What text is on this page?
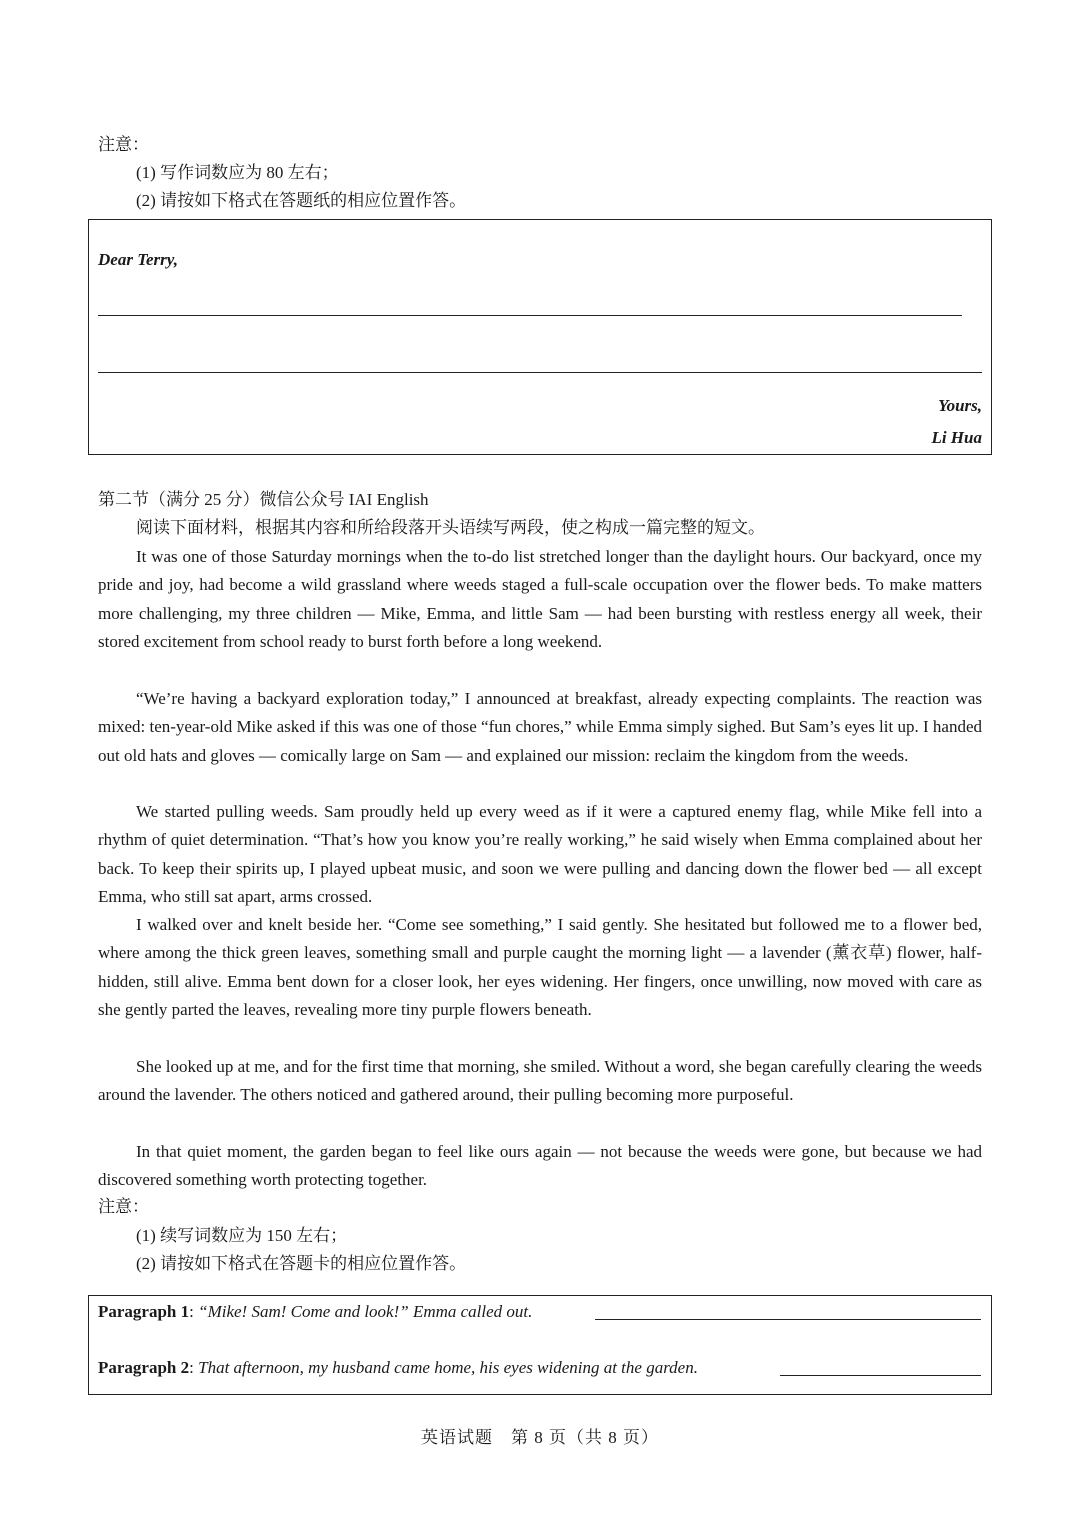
注意：
(1) 写作词数应为 80 左右；
(2) 请按如下格式在答题纸的相应位置作答。
Dear Terry,
Yours,
Li Hua
第二节（满分 25 分）微信公众号 IAI English
阅读下面材料，根据其内容和所给段落开头语续写两段，使之构成一篇完整的短文。

It was one of those Saturday mornings when the to-do list stretched longer than the daylight hours. Our backyard, once my pride and joy, had become a wild grassland where weeds staged a full-scale occupation over the flower beds. To make matters more challenging, my three children — Mike, Emma, and little Sam — had been bursting with restless energy all week, their stored excitement from school ready to burst forth before a long weekend.

“We’re having a backyard exploration today,” I announced at breakfast, already expecting complaints. The reaction was mixed: ten-year-old Mike asked if this was one of those “fun chores,” while Emma simply sighed. But Sam’s eyes lit up. I handed out old hats and gloves — comically large on Sam — and explained our mission: reclaim the kingdom from the weeds.

We started pulling weeds. Sam proudly held up every weed as if it were a captured enemy flag, while Mike fell into a rhythm of quiet determination. “That’s how you know you’re really working,” he said wisely when Emma complained about her back. To keep their spirits up, I played upbeat music, and soon we were pulling and dancing down the flower bed — all except Emma, who still sat apart, arms crossed.

I walked over and knelt beside her. “Come see something,” I said gently. She hesitated but followed me to a flower bed, where among the thick green leaves, something small and purple caught the morning light — a lavender (薰衣草) flower, half-hidden, still alive. Emma bent down for a closer look, her eyes widening. Her fingers, once unwilling, now moved with care as she gently parted the leaves, revealing more tiny purple flowers beneath.

She looked up at me, and for the first time that morning, she smiled. Without a word, she began carefully clearing the weeds around the lavender. The others noticed and gathered around, their pulling becoming more purposeful.

In that quiet moment, the garden began to feel like ours again — not because the weeds were gone, but because we had discovered something worth protecting together.

注意：
(1) 续写词数应为 150 左右；
(2) 请按如下格式在答题卡的相应位置作答。
Paragraph 1: “Mike! Sam! Come and look!” Emma called out.
Paragraph 2: That afternoon, my husband came home, his eyes widening at the garden.
英语试题　第 8 页（共 8 页）
